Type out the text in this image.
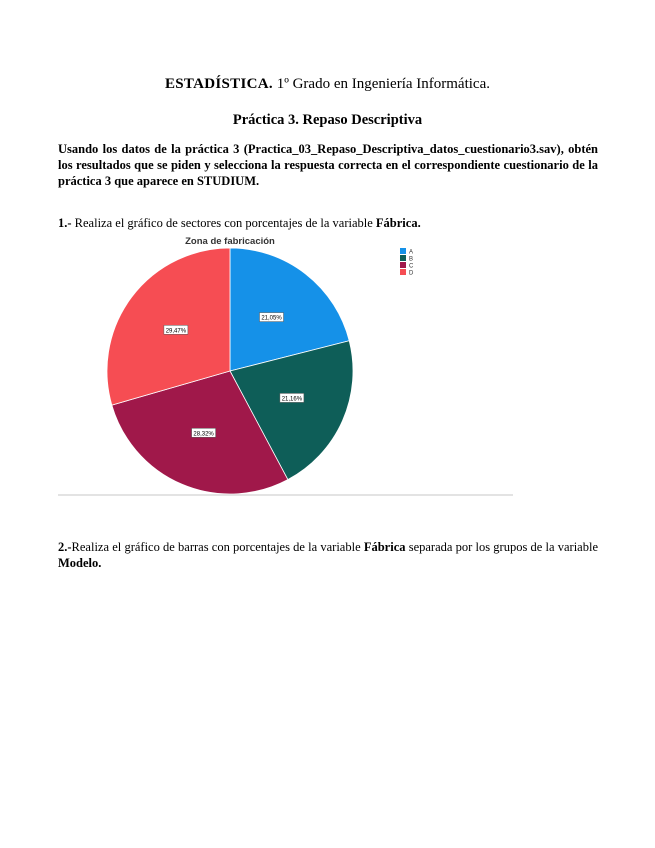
ESTADÍSTICA. 1º Grado en Ingeniería Informática.
Práctica 3. Repaso Descriptiva
Usando los datos de la práctica 3 (Practica_03_Repaso_Descriptiva_datos_cuestionario3.sav), obtén los resultados que se piden y selecciona la respuesta correcta en el correspondiente cuestionario de la práctica 3 que aparece en STUDIUM.
1.- Realiza el gráfico de sectores con porcentajes de la variable Fábrica.
Zona de fabricación
21,05%
21,16%
28,32%
29,47%
A
B
C
D
2.-Realiza el gráfico de barras con porcentajes de la variable Fábrica separada por los grupos de la variable Modelo.
